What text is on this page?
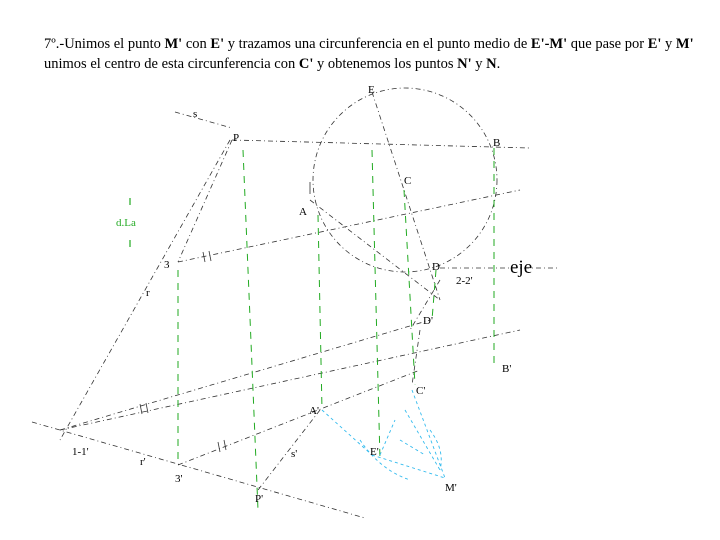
7º.-Unimos el punto M' con E' y trazamos una circunferencia en el punto medio de E'-M' que pase por E' y M' unimos el centro de esta circunferencia con C' y obtenemos los puntos N' y N.
E
s
P	B
C
A
d.La
3	D
2-2'
eje
r
D'
B'
C'
A'
1-1'
r'
s'	E'
3'
P'
M'
